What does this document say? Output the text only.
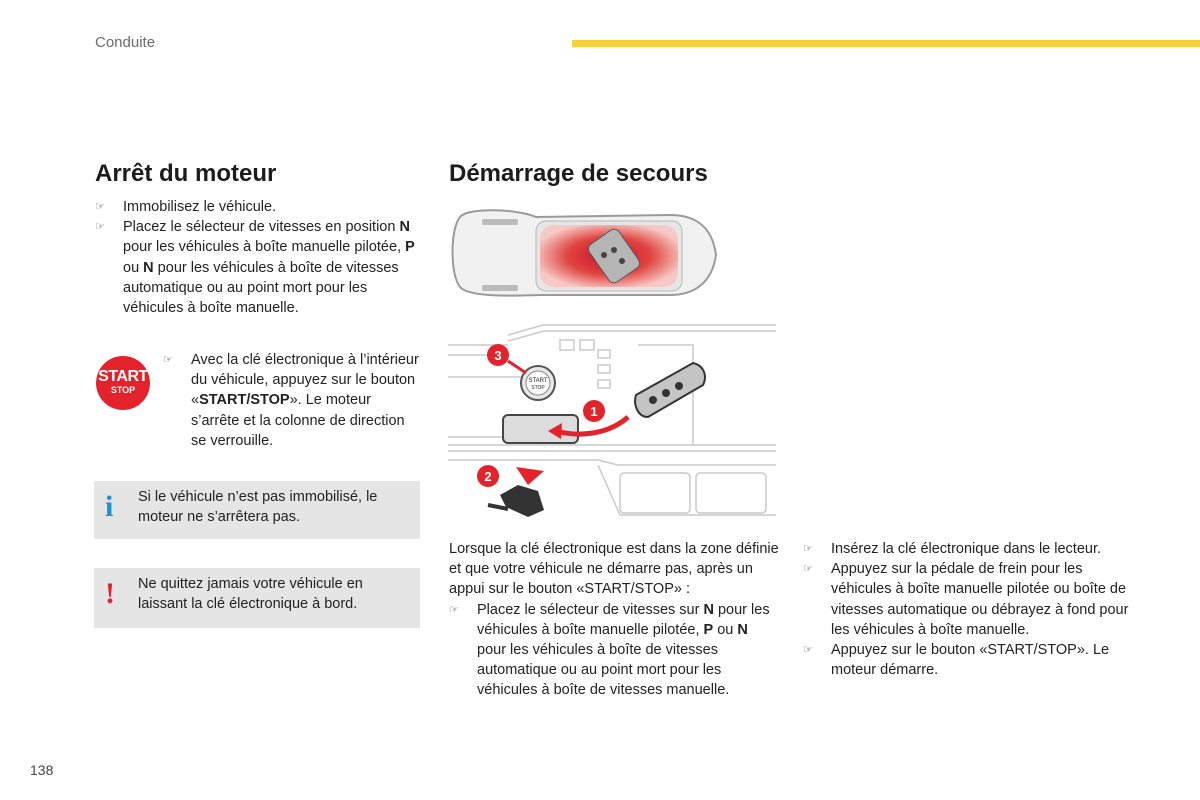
Conduite
Arrêt du moteur
☞ Immobilisez le véhicule.
☞ Placez le sélecteur de vitesses en position N pour les véhicules à boîte manuelle pilotée, P ou N pour les véhicules à boîte de vitesses automatique ou au point mort pour les véhicules à boîte manuelle.
START
STOP
☞ Avec la clé électronique à l’intérieur du véhicule, appuyez sur le bouton «START/STOP». Le moteur s’arrête et la colonne de direction se verrouille.
i Si le véhicule n’est pas immobilisé, le moteur ne s’arrêtera pas.
! Ne quittez jamais votre véhicule en laissant la clé électronique à bord.
Démarrage de secours
START
STOP
3
1
2
Lorsque la clé électronique est dans la zone définie et que votre véhicule ne démarre pas, après un appui sur le bouton «START/STOP» :
☞ Placez le sélecteur de vitesses sur N pour les véhicules à boîte manuelle pilotée, P ou N pour les véhicules à boîte de vitesses automatique ou au point mort pour les véhicules à boîte de vitesses manuelle.
☞ Insérez la clé électronique dans le lecteur.
☞ Appuyez sur la pédale de frein pour les véhicules à boîte manuelle pilotée ou boîte de vitesses automatique ou débrayez à fond pour les véhicules à boîte manuelle.
☞ Appuyez sur le bouton «START/STOP». Le moteur démarre.
138
